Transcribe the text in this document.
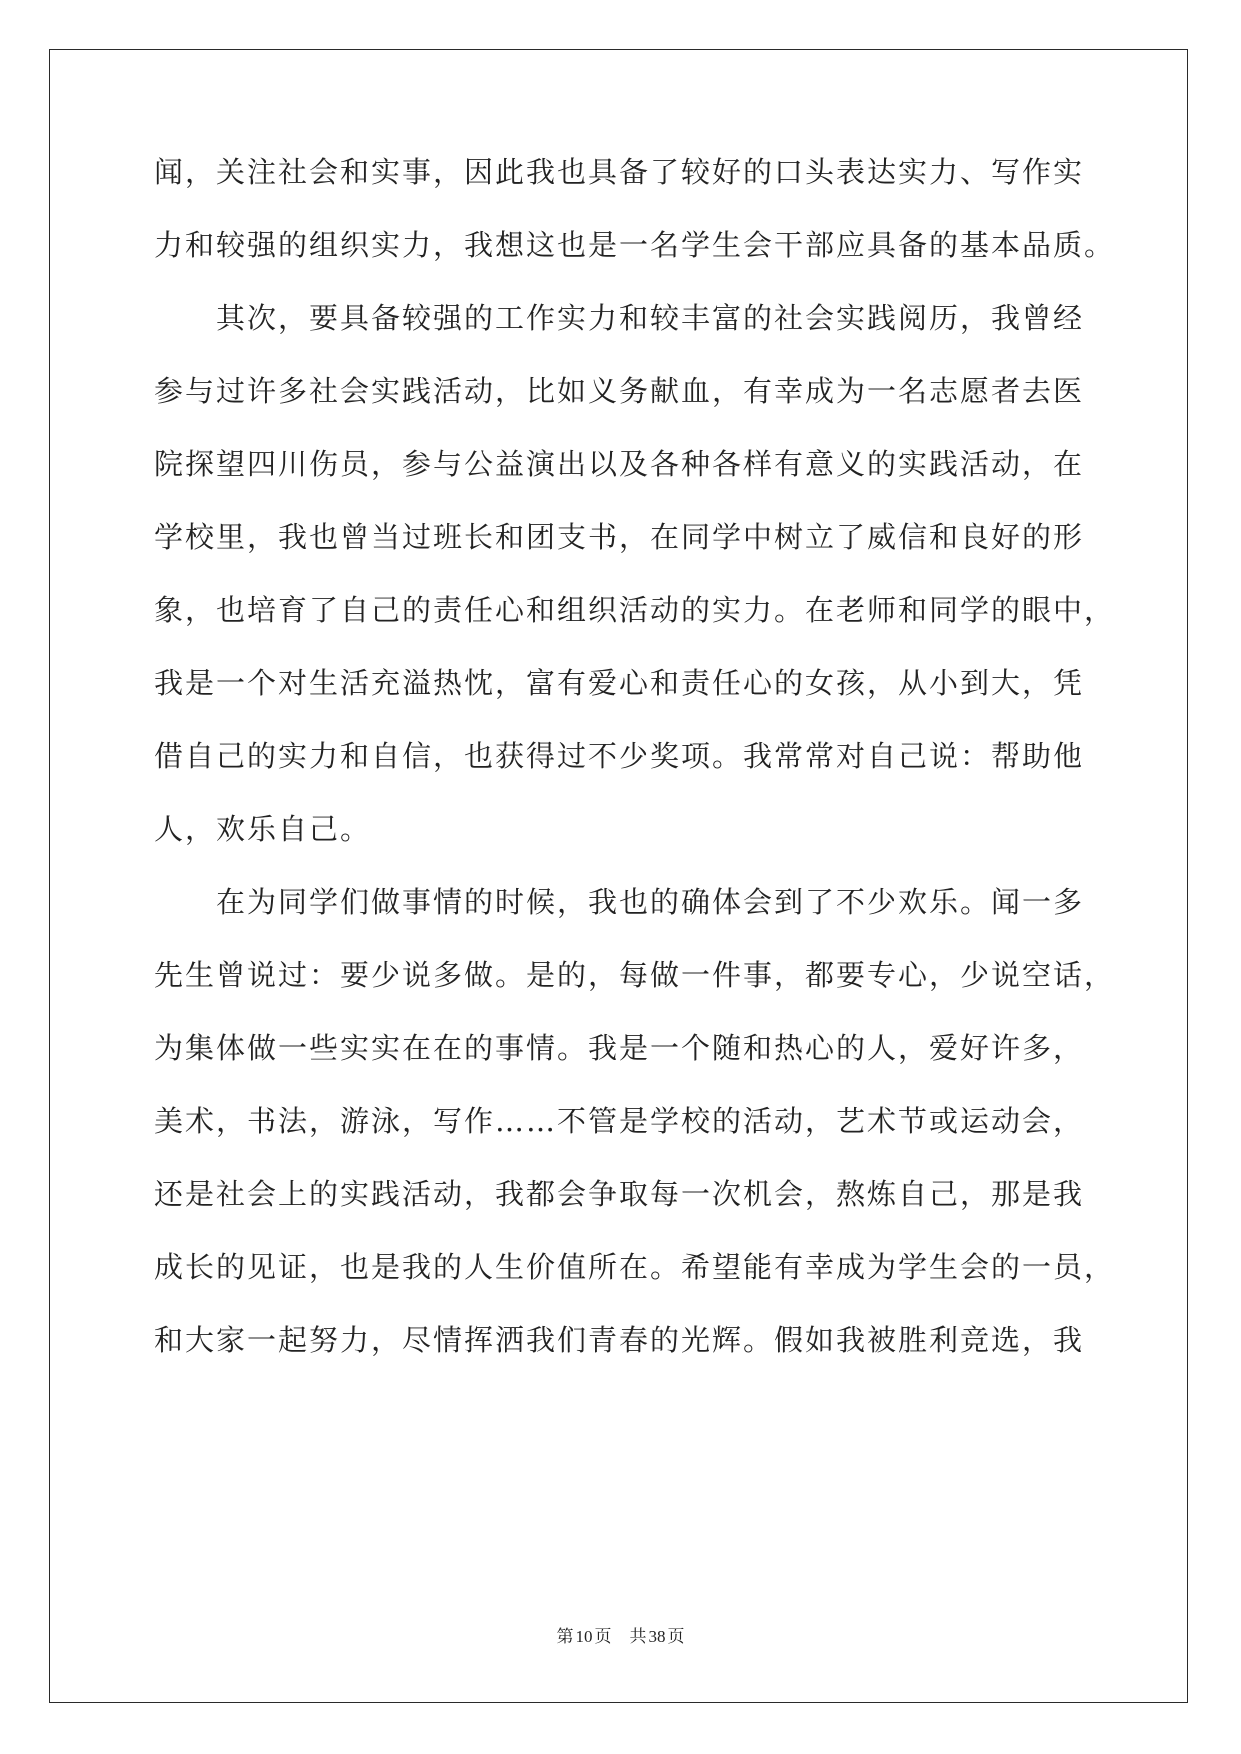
闻，关注社会和实事，因此我也具备了较好的口头表达实力、写作实

力和较强的组织实力，我想这也是一名学生会干部应具备的基本品质。

　　其次，要具备较强的工作实力和较丰富的社会实践阅历，我曾经

参与过许多社会实践活动，比如义务献血，有幸成为一名志愿者去医

院探望四川伤员，参与公益演出以及各种各样有意义的实践活动，在

学校里，我也曾当过班长和团支书，在同学中树立了威信和良好的形

象，也培育了自己的责任心和组织活动的实力。在老师和同学的眼中，

我是一个对生活充溢热忱，富有爱心和责任心的女孩，从小到大，凭

借自己的实力和自信，也获得过不少奖项。我常常对自己说：帮助他

人，欢乐自己。

　　在为同学们做事情的时候，我也的确体会到了不少欢乐。闻一多

先生曾说过：要少说多做。是的，每做一件事，都要专心，少说空话，

为集体做一些实实在在的事情。我是一个随和热心的人，爱好许多，

美术，书法，游泳，写作……不管是学校的活动，艺术节或运动会，

还是社会上的实践活动，我都会争取每一次机会，熬炼自己，那是我

成长的见证，也是我的人生价值所在。希望能有幸成为学生会的一员，

和大家一起努力，尽情挥洒我们青春的光辉。假如我被胜利竞选，我

第 10 页 共 38 页
